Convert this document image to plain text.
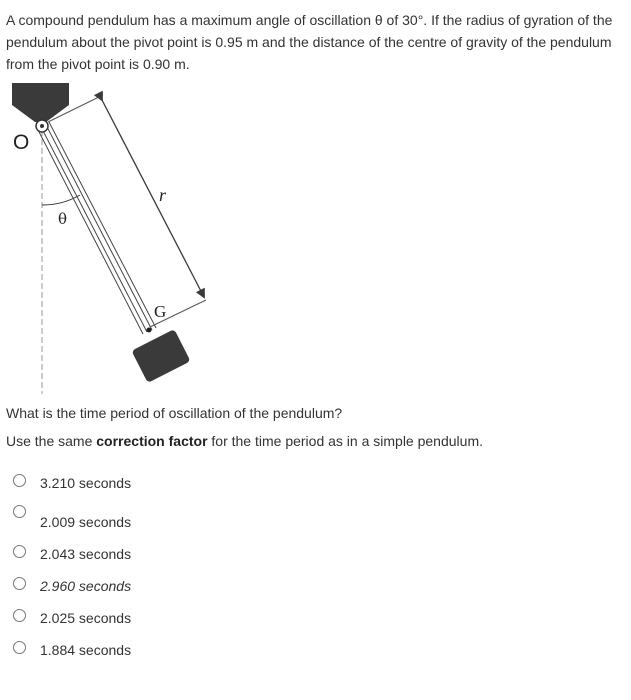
A compound pendulum has a maximum angle of oscillation θ of 30°. If the radius of gyration of the pendulum about the pivot point is 0.95 m and the distance of the centre of gravity of the pendulum from the pivot point is 0.90 m.

O
θ
r
G

What is the time period of oscillation of the pendulum?

Use the same correction factor for the time period as in a simple pendulum.

3.210 seconds
2.009 seconds
2.043 seconds
2.960 seconds
2.025 seconds
1.884 seconds
